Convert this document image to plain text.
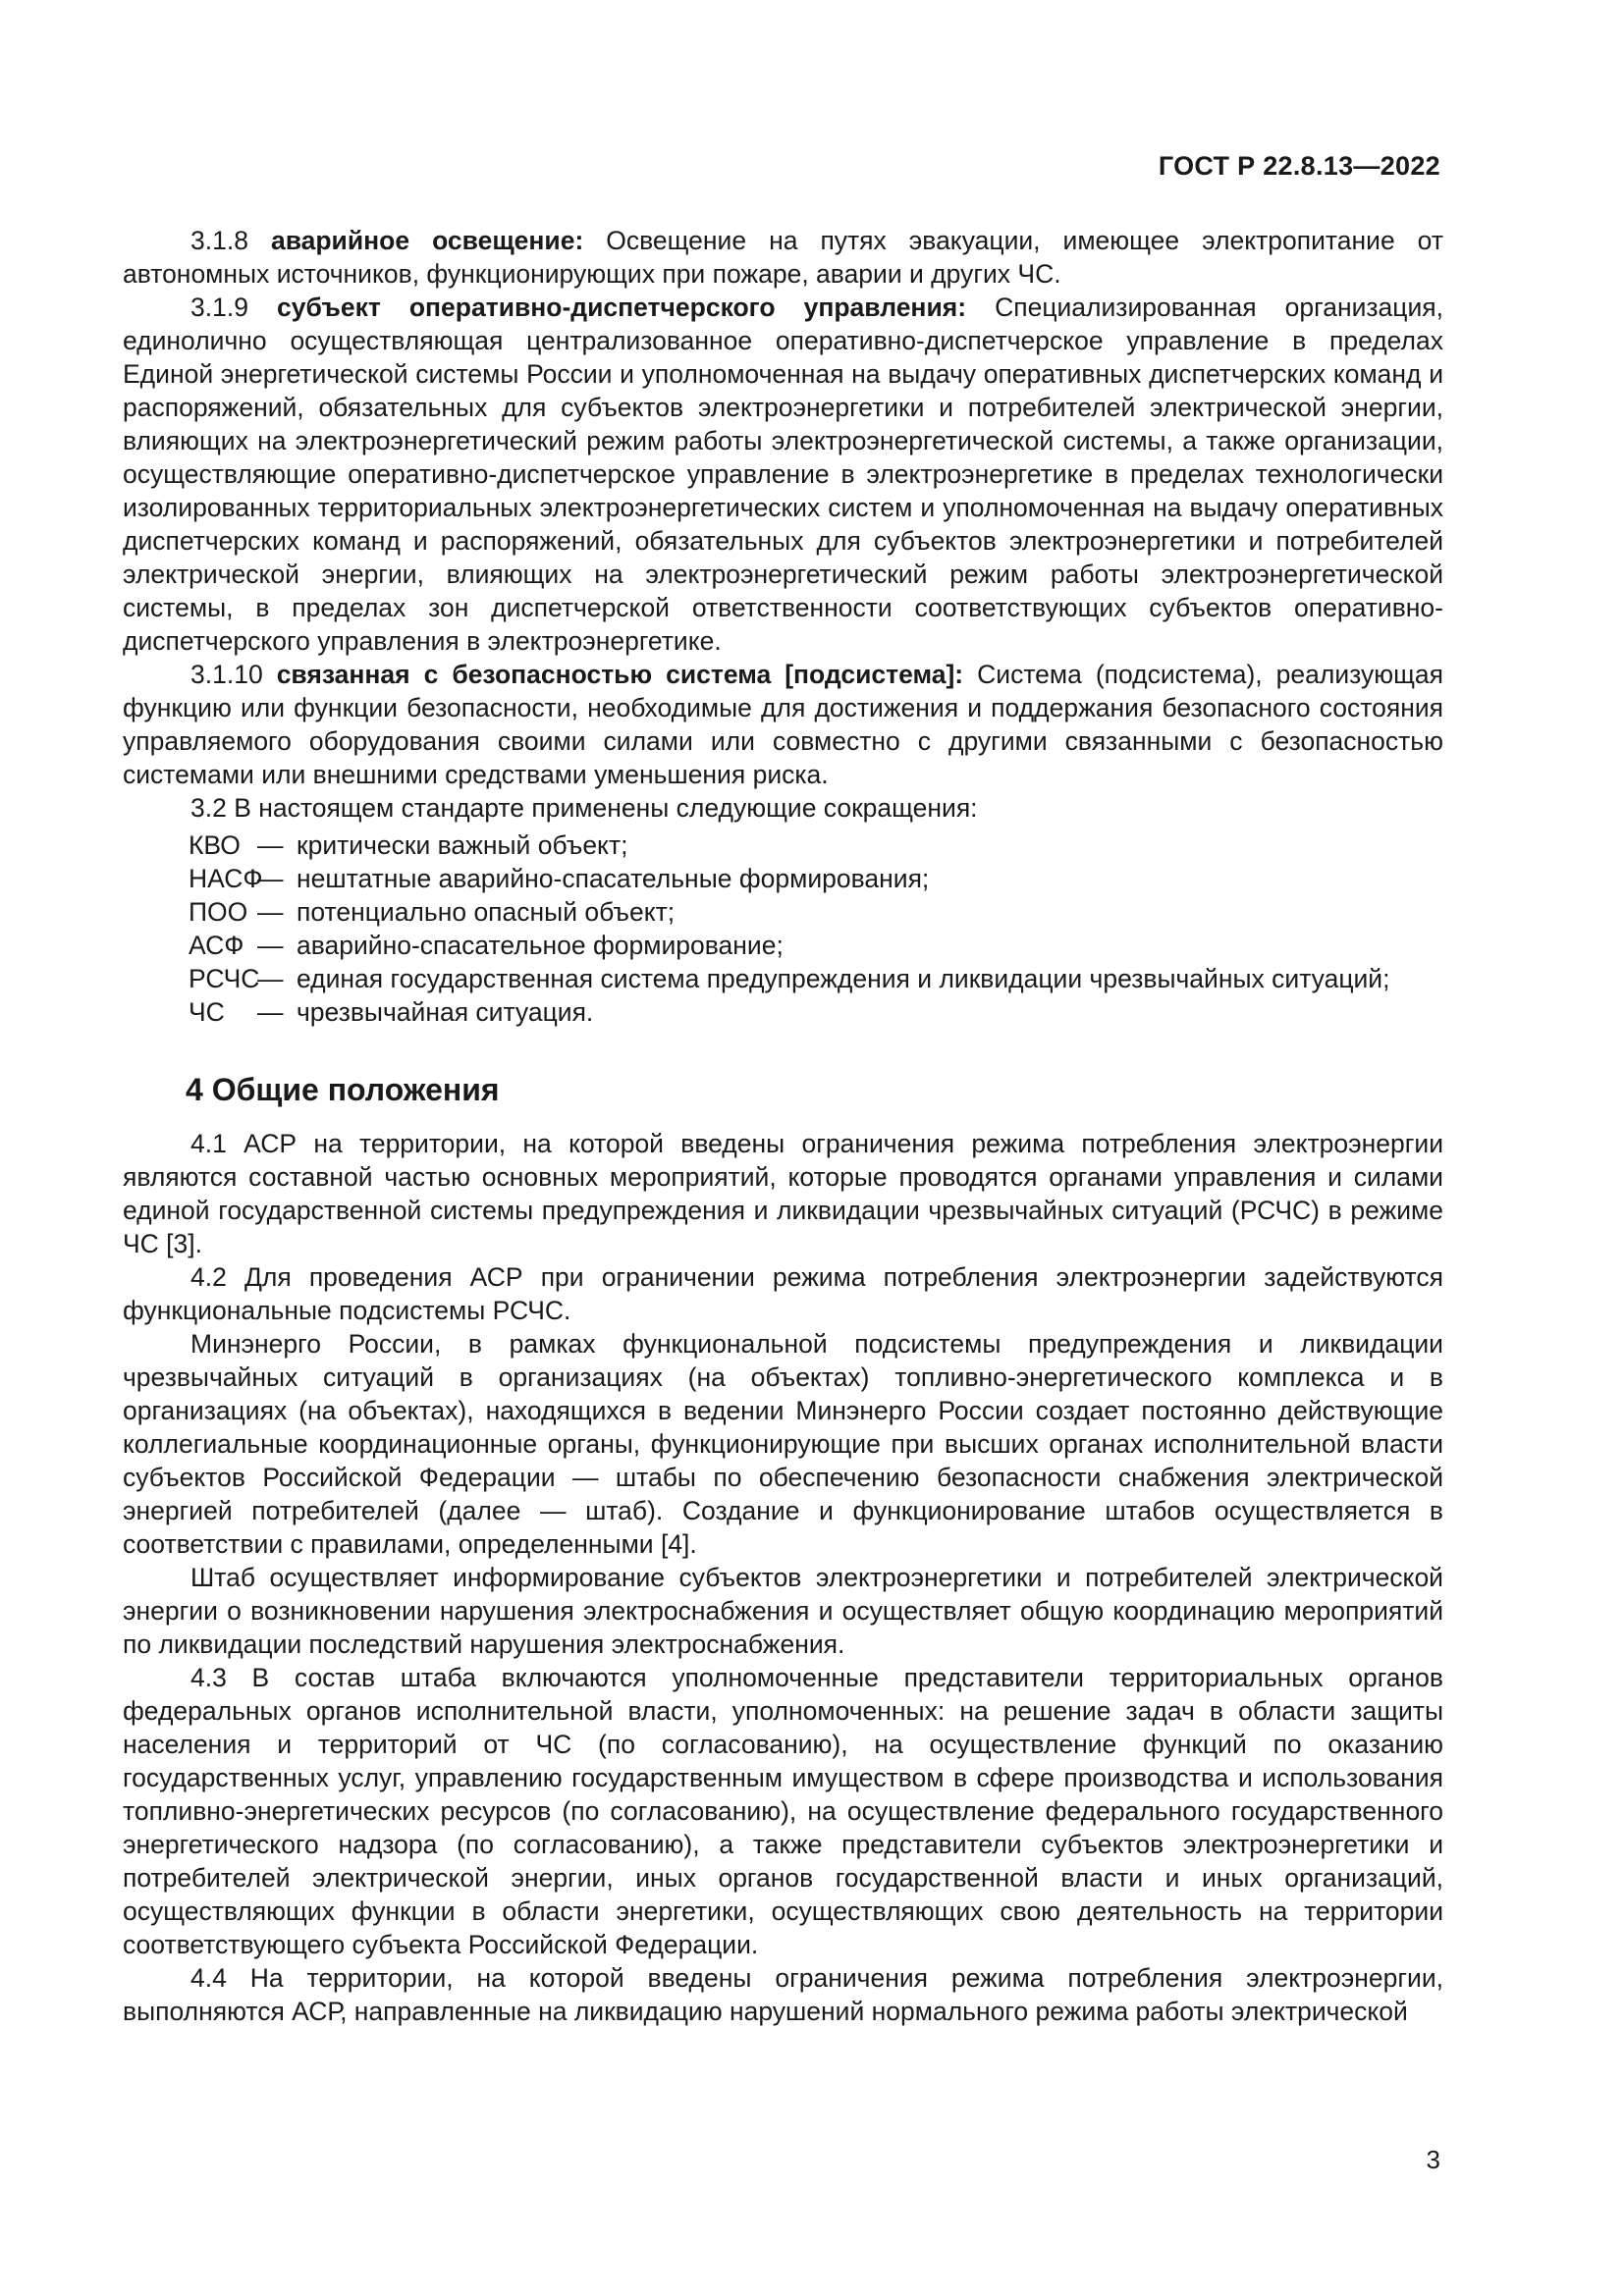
ГОСТ Р 22.8.13—2022

3.1.8 аварийное освещение: Освещение на путях эвакуации, имеющее электропитание от автономных источников, функционирующих при пожаре, аварии и других ЧС.

3.1.9 субъект оперативно-диспетчерского управления: Специализированная организация, единолично осуществляющая централизованное оперативно-диспетчерское управление в пределах Единой энергетической системы России и уполномоченная на выдачу оперативных диспетчерских команд и распоряжений, обязательных для субъектов электроэнергетики и потребителей электрической энергии, влияющих на электроэнергетический режим работы электроэнергетической системы, а также организации, осуществляющие оперативно-диспетчерское управление в электроэнергетике в пределах технологически изолированных территориальных электроэнергетических систем и уполномоченная на выдачу оперативных диспетчерских команд и распоряжений, обязательных для субъектов электроэнергетики и потребителей электрической энергии, влияющих на электроэнергетический режим работы электроэнергетической системы, в пределах зон диспетчерской ответственности соответствующих субъектов оперативно-диспетчерского управления в электроэнергетике.

3.1.10 связанная с безопасностью система [подсистема]: Система (подсистема), реализующая функцию или функции безопасности, необходимые для достижения и поддержания безопасного состояния управляемого оборудования своими силами или совместно с другими связанными с безопасностью системами или внешними средствами уменьшения риска.

3.2 В настоящем стандарте применены следующие сокращения:

КВО — критически важный объект;
НАСФ
— нештатные аварийно-спасательные формирования;
ПОО — потенциально опасный объект;
АСФ — аварийно-спасательное формирование;
РСЧС
— единая государственная система предупреждения и ликвидации чрезвычайных ситуаций;
ЧС	— чрезвычайная ситуация.
4 Общие положения

4.1 АСР на территории, на которой введены ограничения режима потребления электроэнергии являются составной частью основных мероприятий, которые проводятся органами управления и силами единой государственной системы предупреждения и ликвидации чрезвычайных ситуаций (РСЧС) в режиме ЧС [3].

4.2 Для проведения АСР при ограничении режима потребления электроэнергии задействуются функциональные подсистемы РСЧС.

Минэнерго России, в рамках функциональной подсистемы предупреждения и ликвидации чрезвычайных ситуаций в организациях (на объектах) топливно-энергетического комплекса и в организациях (на объектах), находящихся в ведении Минэнерго России создает постоянно действующие коллегиальные координационные органы, функционирующие при высших органах исполнительной власти субъектов Российской Федерации — штабы по обеспечению безопасности снабжения электрической энергией потребителей (далее — штаб). Создание и функционирование штабов осуществляется в соответствии с правилами, определенными [4].

Штаб осуществляет информирование субъектов электроэнергетики и потребителей электрической энергии о возникновении нарушения электроснабжения и осуществляет общую координацию мероприятий по ликвидации последствий нарушения электроснабжения.

4.3 В состав штаба включаются уполномоченные представители территориальных органов федеральных органов исполнительной власти, уполномоченных: на решение задач в области защиты населения и территорий от ЧС (по согласованию), на осуществление функций по оказанию государственных услуг, управлению государственным имуществом в сфере производства и использования топливно-энергетических ресурсов (по согласованию), на осуществление федерального государственного энергетического надзора (по согласованию), а также представители субъектов электроэнергетики и потребителей электрической энергии, иных органов государственной власти и иных организаций, осуществляющих функции в области энергетики, осуществляющих свою деятельность на территории соответствующего субъекта Российской Федерации.

4.4 На территории, на которой введены ограничения режима потребления электроэнергии, выполняются АСР, направленные на ликвидацию нарушений нормального режима работы электрической

3
